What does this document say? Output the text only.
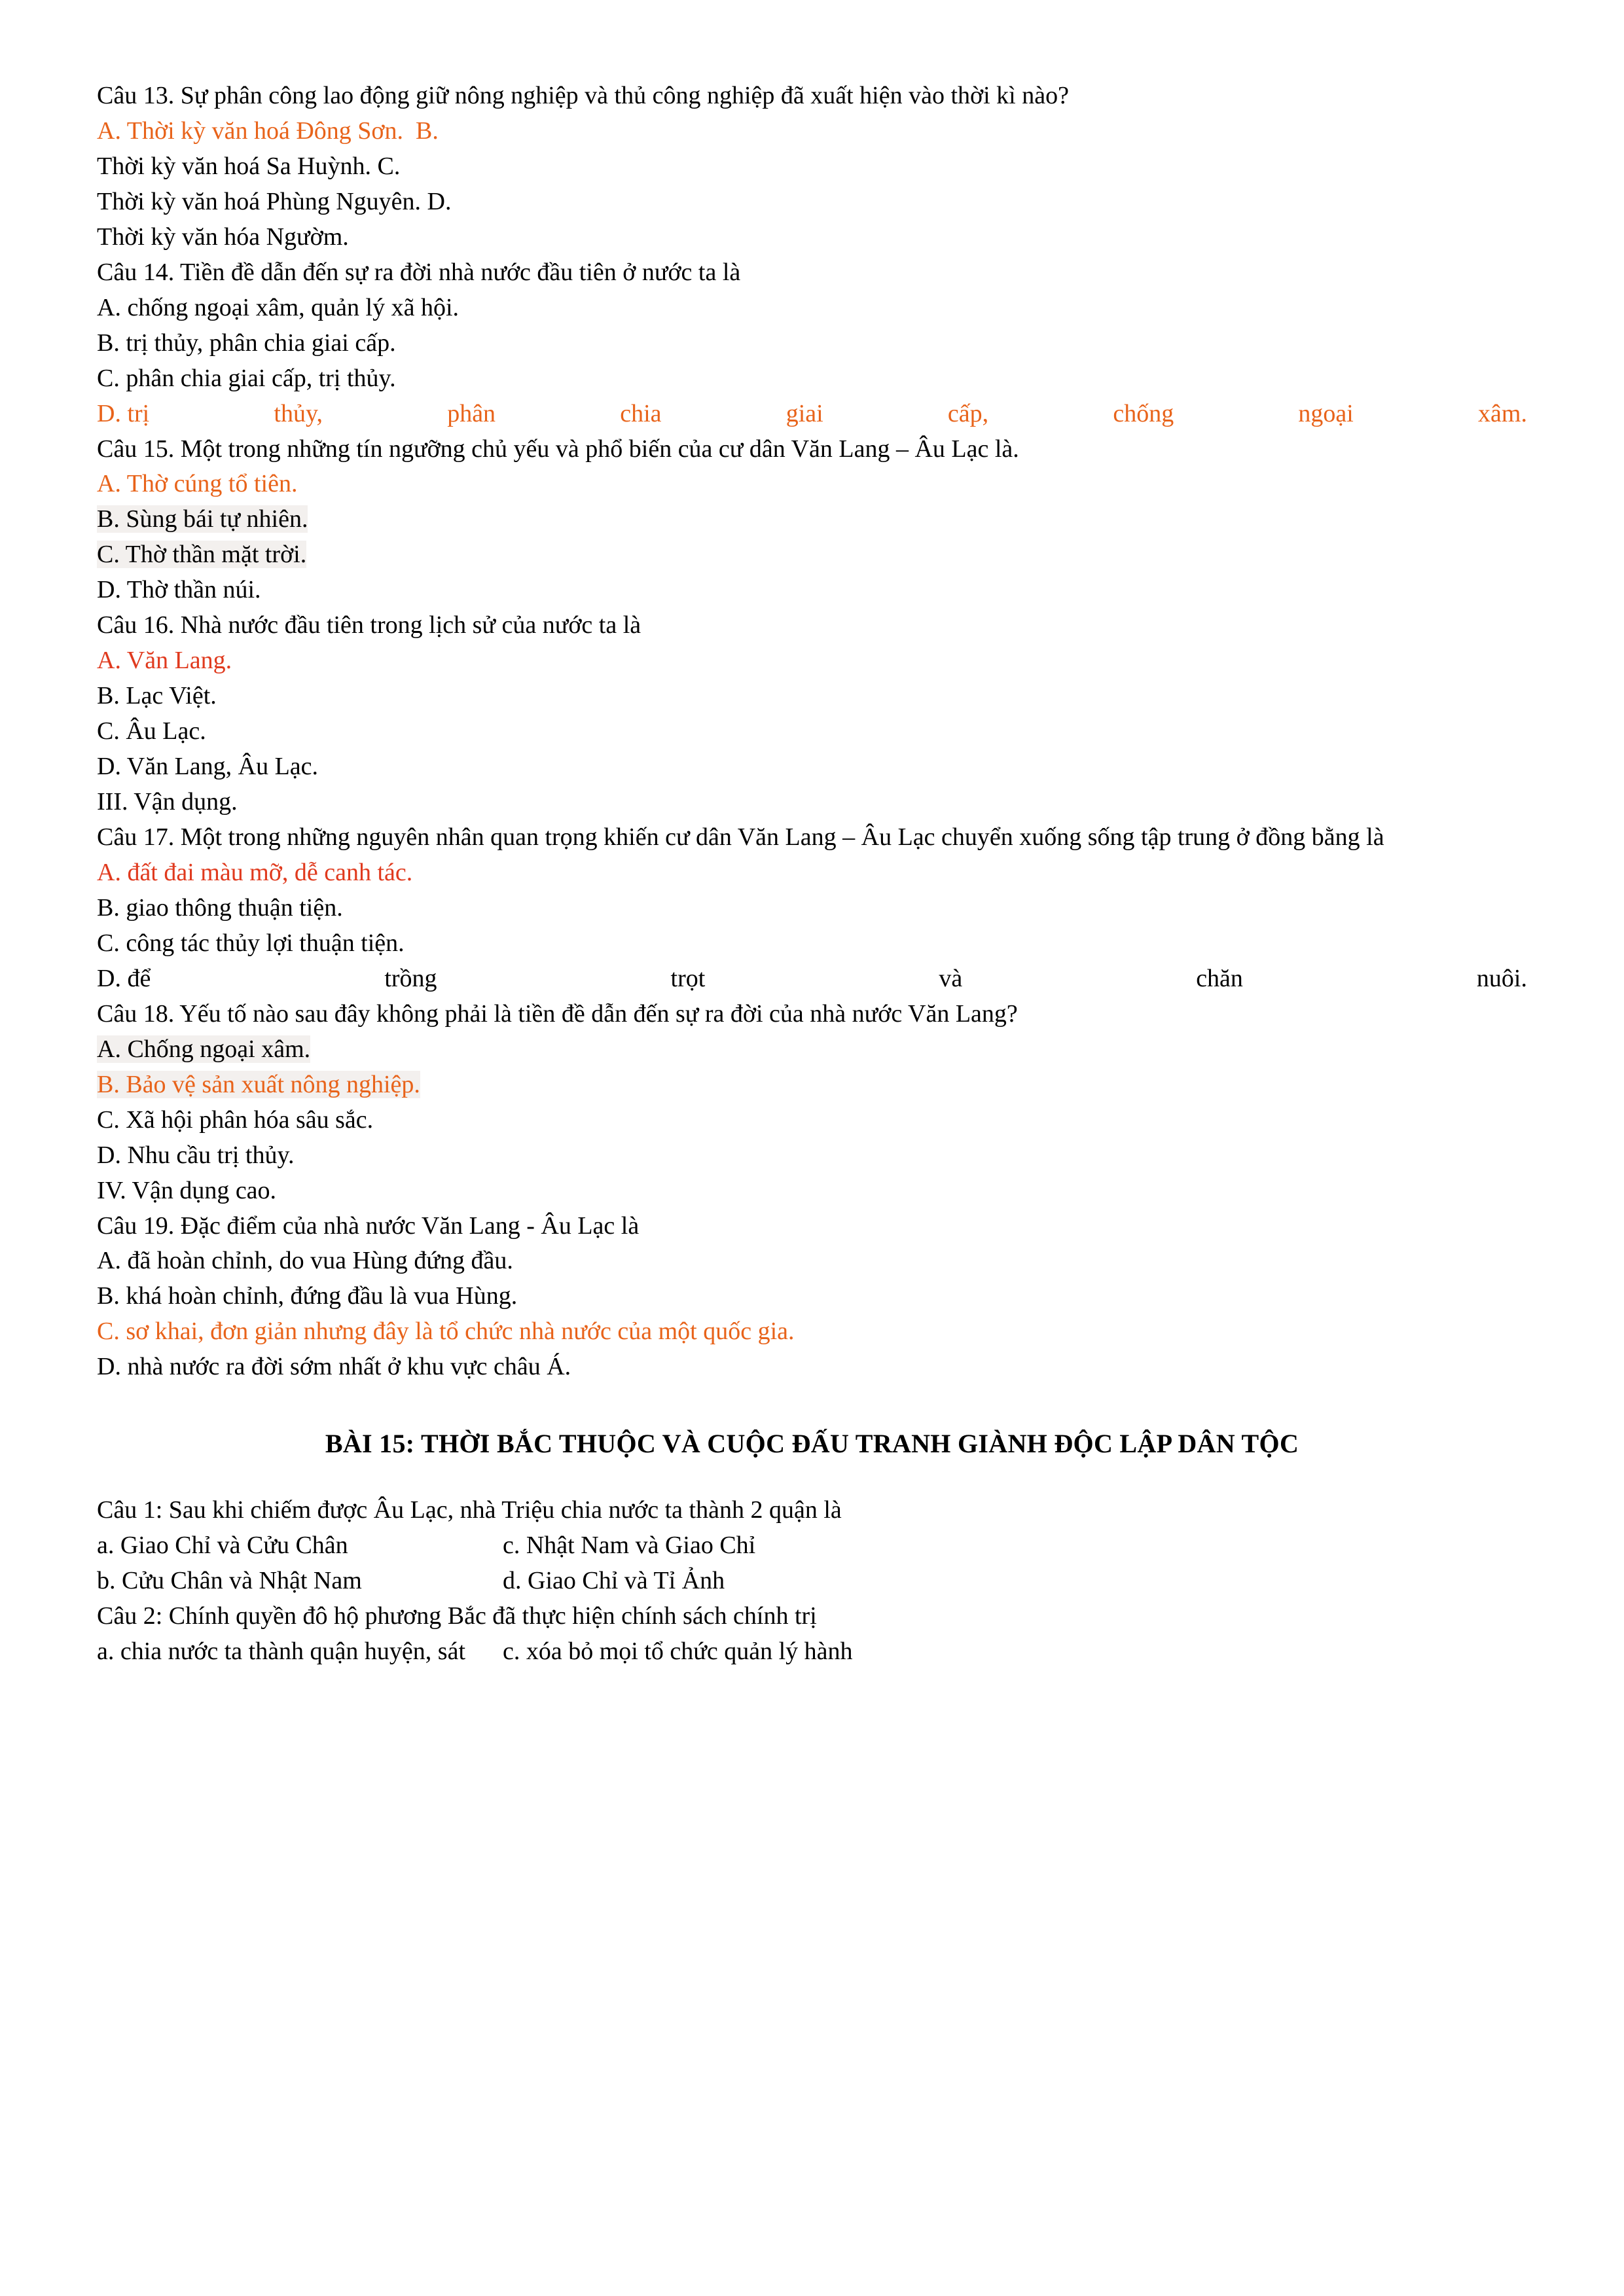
Câu 13. Sự phân công lao động giữ nông nghiệp và thủ công nghiệp đã xuất hiện vào thời kì nào?

A. Thời kỳ văn hoá Đông Sơn.  B.

Thời kỳ văn hoá Sa Huỳnh. C.

Thời kỳ văn hoá Phùng Nguyên. D.

Thời kỳ văn hóa Ngườm.

Câu 14. Tiền đề dẫn đến sự ra đời nhà nước đầu tiên ở nước ta là

A. chống ngoại xâm, quản lý xã hội.

B. trị thủy, phân chia giai cấp.

C. phân chia giai cấp, trị thủy.

D. trị	thủy,	phân	chia	giai	cấp,	chống	ngoại	xâm.

Câu 15. Một trong những tín ngưỡng chủ yếu và phổ biến của cư dân Văn Lang – Âu Lạc là.

A. Thờ cúng tổ tiên.

B. Sùng bái tự nhiên.

C. Thờ thần mặt trời.

D. Thờ thần núi.

Câu 16. Nhà nước đầu tiên trong lịch sử của nước ta là

A. Văn Lang.

B. Lạc Việt.

C. Âu Lạc.

D. Văn Lang, Âu Lạc.

III. Vận dụng.

Câu 17. Một trong những nguyên nhân quan trọng khiến cư dân Văn Lang – Âu Lạc chuyển xuống sống tập trung ở đồng bằng là

A. đất đai màu mỡ, dễ canh tác.

B. giao thông thuận tiện.

C. công tác thủy lợi thuận tiện.

D. để	trồng	trọt	và	chăn	nuôi.

Câu 18. Yếu tố nào sau đây không phải là tiền đề dẫn đến sự ra đời của nhà nước Văn Lang?

A. Chống ngoại xâm.

B. Bảo vệ sản xuất nông nghiệp.

C. Xã hội phân hóa sâu sắc.

D. Nhu cầu trị thủy.

IV. Vận dụng cao.

Câu 19. Đặc điểm của nhà nước Văn Lang - Âu Lạc là

A. đã hoàn chỉnh, do vua Hùng đứng đầu.

B. khá hoàn chỉnh, đứng đầu là vua Hùng.

C. sơ khai, đơn giản nhưng đây là tổ chức nhà nước của một quốc gia.

D. nhà nước ra đời sớm nhất ở khu vực châu Á.

BÀI 15: THỜI BẮC THUỘC VÀ CUỘC ĐẤU TRANH GIÀNH ĐỘC LẬP DÂN TỘC

Câu 1: Sau khi chiếm được Âu Lạc, nhà Triệu chia nước ta thành 2 quận là

a. Giao Chỉ và Cửu Chân	c. Nhật Nam và Giao Chỉ
b. Cửu Chân và Nhật Nam	d. Giao Chỉ và Tỉ Ảnh

Câu 2: Chính quyền đô hộ phương Bắc đã thực hiện chính sách chính trị

a. chia nước ta thành quận huyện, sát	c. xóa bỏ mọi tổ chức quản lý hành
